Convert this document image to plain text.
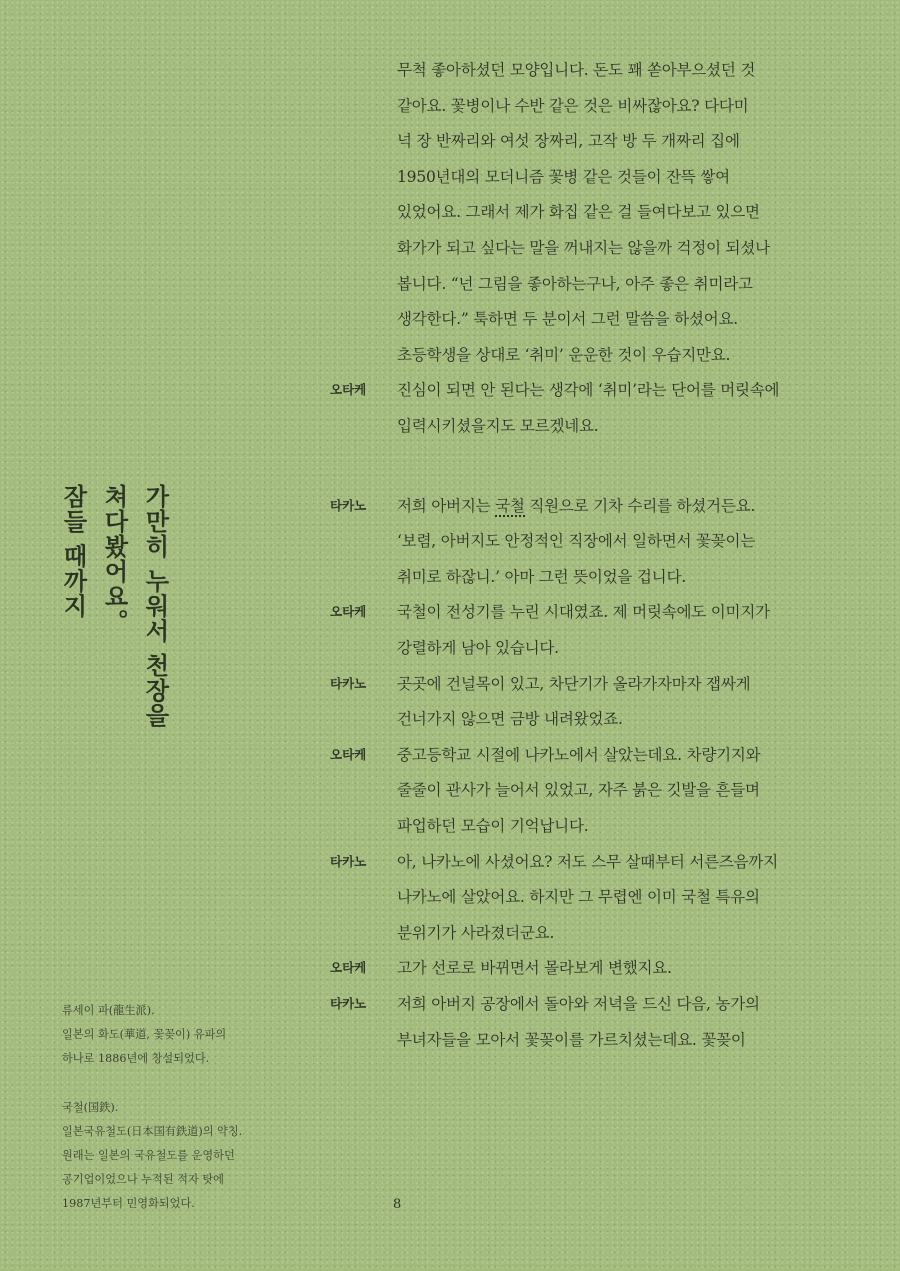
가만히 누워서 천장을
쳐다봤어요。
잠들 때까지
무척 좋아하셨던 모양입니다. 돈도 꽤 쏟아부으셨던 것
같아요. 꽃병이나 수반 같은 것은 비싸잖아요? 다다미
넉 장 반짜리와 여섯 장짜리, 고작 방 두 개짜리 집에
1950년대의 모더니즘 꽃병 같은 것들이 잔뜩 쌓여
있었어요. 그래서 제가 화집 같은 걸 들여다보고 있으면
화가가 되고 싶다는 말을 꺼내지는 않을까 걱정이 되셨나
봅니다. “넌 그림을 좋아하는구나, 아주 좋은 취미라고
생각한다.” 툭하면 두 분이서 그런 말씀을 하셨어요.
초등학생을 상대로 ‘취미’ 운운한 것이 우습지만요.
오타케	진심이 되면 안 된다는 생각에 ‘취미’라는 단어를 머릿속에
입력시키셨을지도 모르겠네요.
타카노	저희 아버지는 국철 직원으로 기차 수리를 하셨거든요.
‘보렴, 아버지도 안정적인 직장에서 일하면서 꽃꽂이는
취미로 하잖니.’ 아마 그런 뜻이었을 겁니다.
오타케	국철이 전성기를 누린 시대였죠. 제 머릿속에도 이미지가
강렬하게 남아 있습니다.
타카노	곳곳에 건널목이 있고, 차단기가 올라가자마자 잽싸게
건너가지 않으면 금방 내려왔었죠.
오타케	중고등학교 시절에 나카노에서 살았는데요. 차량기지와
줄줄이 관사가 늘어서 있었고, 자주 붉은 깃발을 흔들며
파업하던 모습이 기억납니다.
타카노	아, 나카노에 사셨어요? 저도 스무 살때부터 서른즈음까지
나카노에 살았어요. 하지만 그 무렵엔 이미 국철 특유의
분위기가 사라졌더군요.
오타케	고가 선로로 바뀌면서 몰라보게 변했지요.
타카노	저희 아버지 공장에서 돌아와 저녁을 드신 다음, 농가의
부녀자들을 모아서 꽃꽂이를 가르치셨는데요. 꽃꽂이
류세이 파(龍生派).
일본의 화도(華道, 꽃꽂이) 유파의
하나로 1886년에 창설되었다.
국철(国鉄).
일본국유철도(日本国有鉄道)의 약칭.
원래는 일본의 국유철도를 운영하던
공기업이었으나 누적된 적자 탓에
1987년부터 민영화되었다.	8
